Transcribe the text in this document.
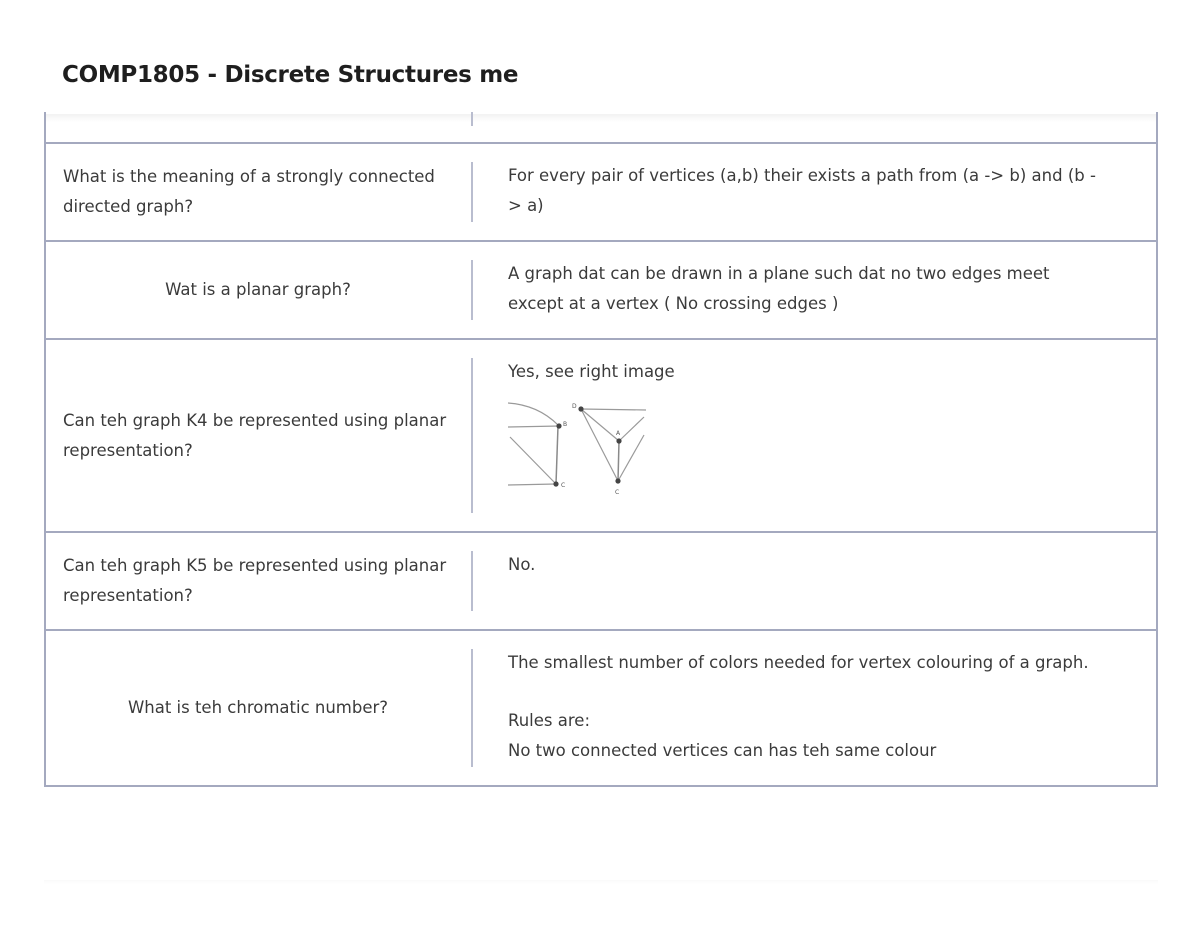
COMP1805 - Discrete Structures me
What is the meaning of a strongly connected directed graph?

For every pair of vertices (a,b) their exists a path from (a -> b) and (b -> a)

Wat is a planar graph?

A graph dat can be drawn in a plane such dat no two edges meet except at a vertex ( No crossing edges )

Can teh graph K4 be represented using planar representation?

Yes, see right image

B
C
D
A
C
Can teh graph K5 be represented using planar representation?

No.

What is teh chromatic number?

The smallest number of colors needed for vertex colouring of a graph.

Rules are:

No two connected vertices can has teh same colour
